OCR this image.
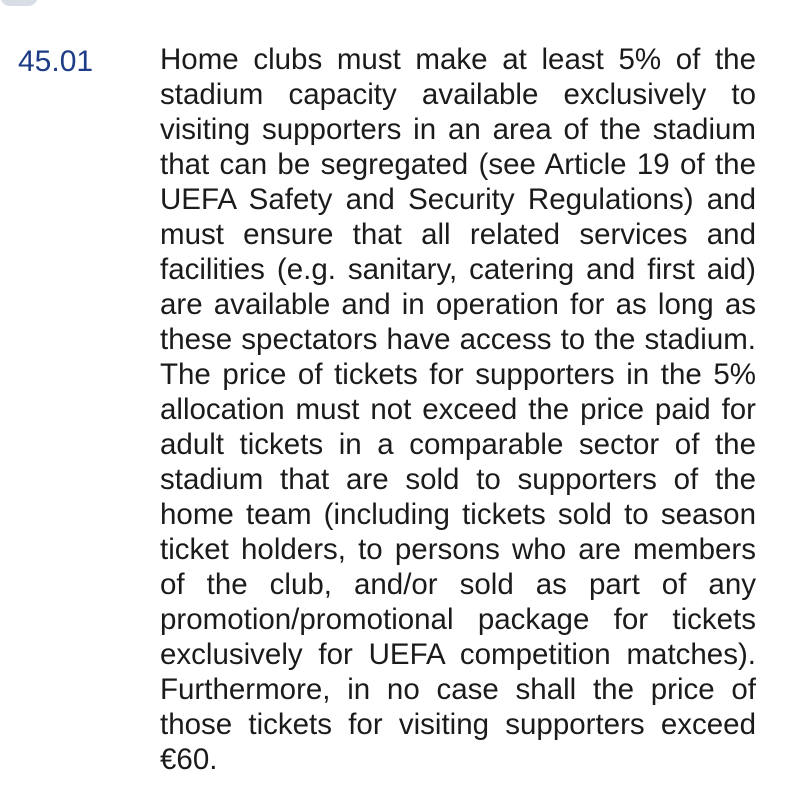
45.01 Home clubs must make at least 5% of the stadium capacity available exclusively to visiting supporters in an area of the stadium that can be segregated (see Article 19 of the UEFA Safety and Security Regulations) and must ensure that all related services and facilities (e.g. sanitary, catering and first aid) are available and in operation for as long as these spectators have access to the stadium. The price of tickets for supporters in the 5% allocation must not exceed the price paid for adult tickets in a comparable sector of the stadium that are sold to supporters of the home team (including tickets sold to season ticket holders, to persons who are members of the club, and/or sold as part of any promotion/promotional package for tickets exclusively for UEFA competition matches). Furthermore, in no case shall the price of those tickets for visiting supporters exceed €60.
